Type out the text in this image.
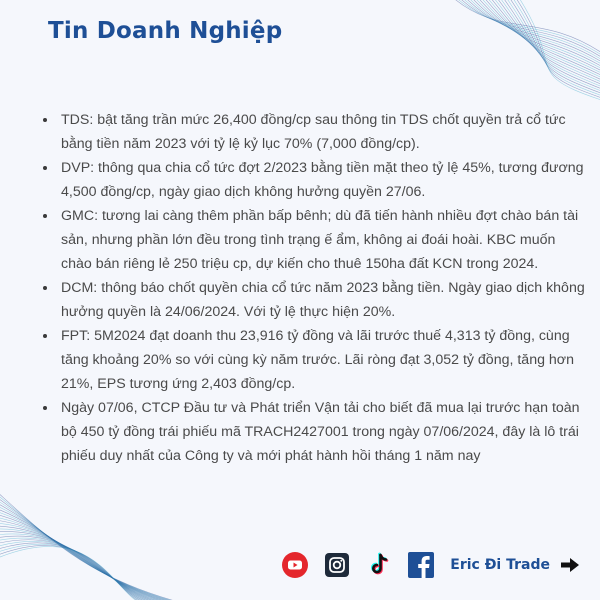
Tin Doanh Nghiệp
• TDS: bật tăng trần mức 26,400 đồng/cp sau thông tin TDS chốt quyền trả cổ tức bằng tiền năm 2023 với tỷ lệ kỷ lục 70% (7,000 đồng/cp).
• DVP: thông qua chia cổ tức đợt 2/2023 bằng tiền mặt theo tỷ lệ 45%, tương đương 4,500 đồng/cp, ngày giao dịch không hưởng quyền 27/06.
• GMC: tương lai càng thêm phần bấp bênh; dù đã tiến hành nhiều đợt chào bán tài sản, nhưng phần lớn đều trong tình trạng ế ẩm, không ai đoái hoài. KBC muốn chào bán riêng lẻ 250 triệu cp, dự kiến cho thuê 150ha đất KCN trong 2024.
• DCM: thông báo chốt quyền chia cổ tức năm 2023 bằng tiền. Ngày giao dịch không hưởng quyền là 24/06/2024. Với tỷ lệ thực hiện 20%.
• FPT: 5M2024 đạt doanh thu 23,916 tỷ đồng và lãi trước thuế 4,313 tỷ đồng, cùng tăng khoảng 20% so với cùng kỳ năm trước. Lãi ròng đạt 3,052 tỷ đồng, tăng hơn 21%, EPS tương ứng 2,403 đồng/cp.
• Ngày 07/06, CTCP Đầu tư và Phát triển Vận tải cho biết đã mua lại trước hạn toàn bộ 450 tỷ đồng trái phiếu mã TRACH2427001 trong ngày 07/06/2024, đây là lô trái phiếu duy nhất của Công ty và mới phát hành hồi tháng 1 năm nay
Eric Đi Trade
